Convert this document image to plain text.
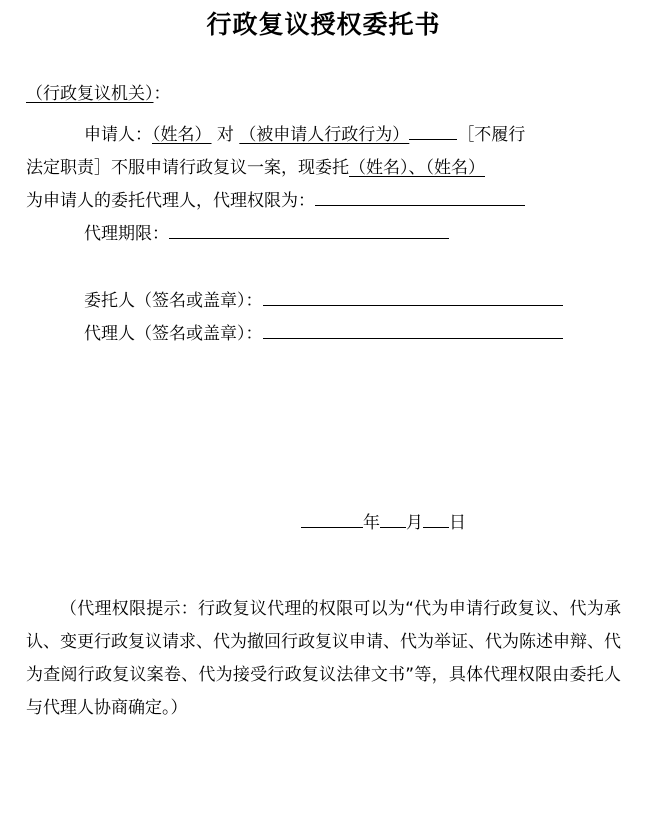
行政复议授权委托书
（行政复议机关）：
申请人：（姓名） 对 （被申请人行政行为）	［不履行
法定职责］不服申请行政复议一案，现委托（姓名）、（姓名）
为申请人的委托代理人，代理权限为：
代理期限：
委托人（签名或盖章）：
代理人（签名或盖章）：
年 月 日
（代理权限提示：行政复议代理的权限可以为“代为申请行政复议、代为承认、变更行政复议请求、代为撤回行政复议申请、代为举证、代为陈述申辩、代为查阅行政复议案卷、代为接受行政复议法律文书”等，具体代理权限由委托人与代理人协商确定。）
